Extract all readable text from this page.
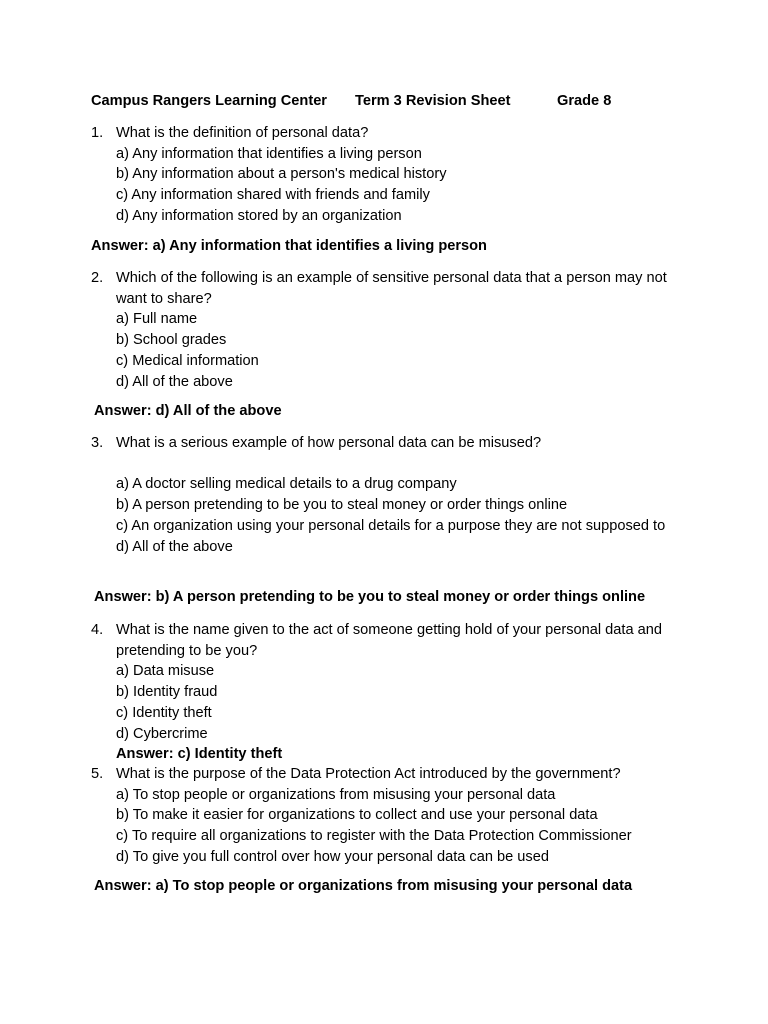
Campus Rangers Learning Center Term 3 Revision Sheet	Grade 8
1. What is the definition of personal data?
a) Any information that identifies a living person
b) Any information about a person's medical history
c) Any information shared with friends and family
d) Any information stored by an organization
Answer: a) Any information that identifies a living person
2. Which of the following is an example of sensitive personal data that a person may not want to share?
a) Full name
b) School grades
c) Medical information
d) All of the above
Answer: d) All of the above
3. What is a serious example of how personal data can be misused?
a) A doctor selling medical details to a drug company
b) A person pretending to be you to steal money or order things online
c) An organization using your personal details for a purpose they are not supposed to
d) All of the above
Answer: b) A person pretending to be you to steal money or order things online
4. What is the name given to the act of someone getting hold of your personal data and pretending to be you?
a) Data misuse
b) Identity fraud
c) Identity theft
d) Cybercrime
Answer: c) Identity theft
5. What is the purpose of the Data Protection Act introduced by the government?
a) To stop people or organizations from misusing your personal data
b) To make it easier for organizations to collect and use your personal data
c) To require all organizations to register with the Data Protection Commissioner
d) To give you full control over how your personal data can be used
Answer: a) To stop people or organizations from misusing your personal data
